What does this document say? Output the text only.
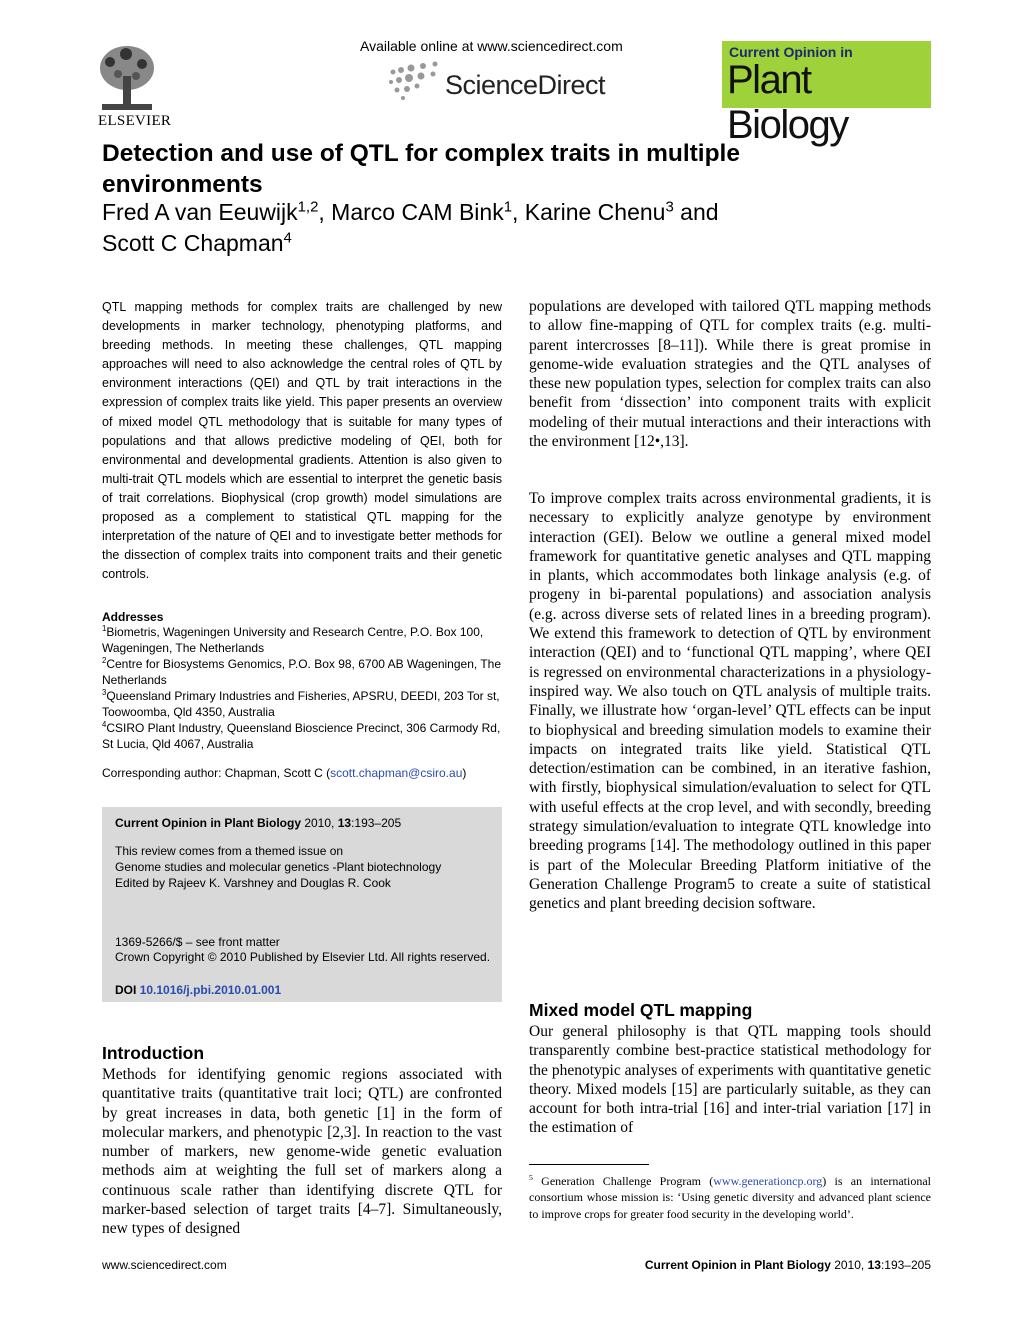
Available online at www.sciencedirect.com
ScienceDirect
Current Opinion in
Plant Biology
ELSEVIER
Detection and use of QTL for complex traits in multiple environments
Fred A van Eeuwijk$^{1,2}$, Marco CAM Bink$^1$, Karine Chenu$^3$ and
Scott C Chapman$^4$
QTL mapping methods for complex traits are challenged by new developments in marker technology, phenotyping platforms, and breeding methods. In meeting these challenges, QTL mapping approaches will need to also acknowledge the central roles of QTL by environment interactions (QEI) and QTL by trait interactions in the expression of complex traits like yield. This paper presents an overview of mixed model QTL methodology that is suitable for many types of populations and that allows predictive modeling of QEI, both for environmental and developmental gradients. Attention is also given to multi-trait QTL models which are essential to interpret the genetic basis of trait correlations. Biophysical (crop growth) model simulations are proposed as a complement to statistical QTL mapping for the interpretation of the nature of QEI and to investigate better methods for the dissection of complex traits into component traits and their genetic controls.
Addresses
$^1$Biometris, Wageningen University and Research Centre, P.O. Box 100, Wageningen, The Netherlands
$^2$Centre for Biosystems Genomics, P.O. Box 98, 6700 AB Wageningen, The Netherlands
$^3$Queensland Primary Industries and Fisheries, APSRU, DEEDI, 203 Tor st, Toowoomba, Qld 4350, Australia
$^4$CSIRO Plant Industry, Queensland Bioscience Precinct, 306 Carmody Rd, St Lucia, Qld 4067, Australia
Corresponding author: Chapman, Scott C (scott.chapman@csiro.au)
Current Opinion in Plant Biology 2010, 13:193–205
This review comes from a themed issue on
Genome studies and molecular genetics -Plant biotechnology
Edited by Rajeev K. Varshney and Douglas R. Cook
1369-5266/$ – see front matter
Crown Copyright © 2010 Published by Elsevier Ltd. All rights reserved.
DOI 10.1016/j.pbi.2010.01.001
Introduction
Methods for identifying genomic regions associated with quantitative traits (quantitative trait loci; QTL) are confronted by great increases in data, both genetic [1] in the form of molecular markers, and phenotypic [2,3]. In reaction to the vast number of markers, new genome-wide genetic evaluation methods aim at weighting the full set of markers along a continuous scale rather than identifying discrete QTL for marker-based selection of target traits [4–7]. Simultaneously, new types of designed
populations are developed with tailored QTL mapping methods to allow fine-mapping of QTL for complex traits (e.g. multi-parent intercrosses [8–11]). While there is great promise in genome-wide evaluation strategies and the QTL analyses of these new population types, selection for complex traits can also benefit from ‘dissection’ into component traits with explicit modeling of their mutual interactions and their interactions with the environment [12•,13].
To improve complex traits across environmental gradients, it is necessary to explicitly analyze genotype by environment interaction (GEI). Below we outline a general mixed model framework for quantitative genetic analyses and QTL mapping in plants, which accommodates both linkage analysis (e.g. of progeny in bi-parental populations) and association analysis (e.g. across diverse sets of related lines in a breeding program). We extend this framework to detection of QTL by environment interaction (QEI) and to ‘functional QTL mapping’, where QEI is regressed on environmental characterizations in a physiology-inspired way. We also touch on QTL analysis of multiple traits. Finally, we illustrate how ‘organ-level’ QTL effects can be input to biophysical and breeding simulation models to examine their impacts on integrated traits like yield. Statistical QTL detection/estimation can be combined, in an iterative fashion, with firstly, biophysical simulation/evaluation to select for QTL with useful effects at the crop level, and with secondly, breeding strategy simulation/evaluation to integrate QTL knowledge into breeding programs [14]. The methodology outlined in this paper is part of the Molecular Breeding Platform initiative of the Generation Challenge Program5 to create a suite of statistical genetics and plant breeding decision software.
Mixed model QTL mapping
Our general philosophy is that QTL mapping tools should transparently combine best-practice statistical methodology for the phenotypic analyses of experiments with quantitative genetic theory. Mixed models [15] are particularly suitable, as they can account for both intra-trial [16] and inter-trial variation [17] in the estimation of
$^5$ Generation Challenge Program (www.generationcp.org) is an international consortium whose mission is: ‘Using genetic diversity and advanced plant science to improve crops for greater food security in the developing world’.
www.sciencedirect.com	Current Opinion in Plant Biology 2010, 13:193–205
